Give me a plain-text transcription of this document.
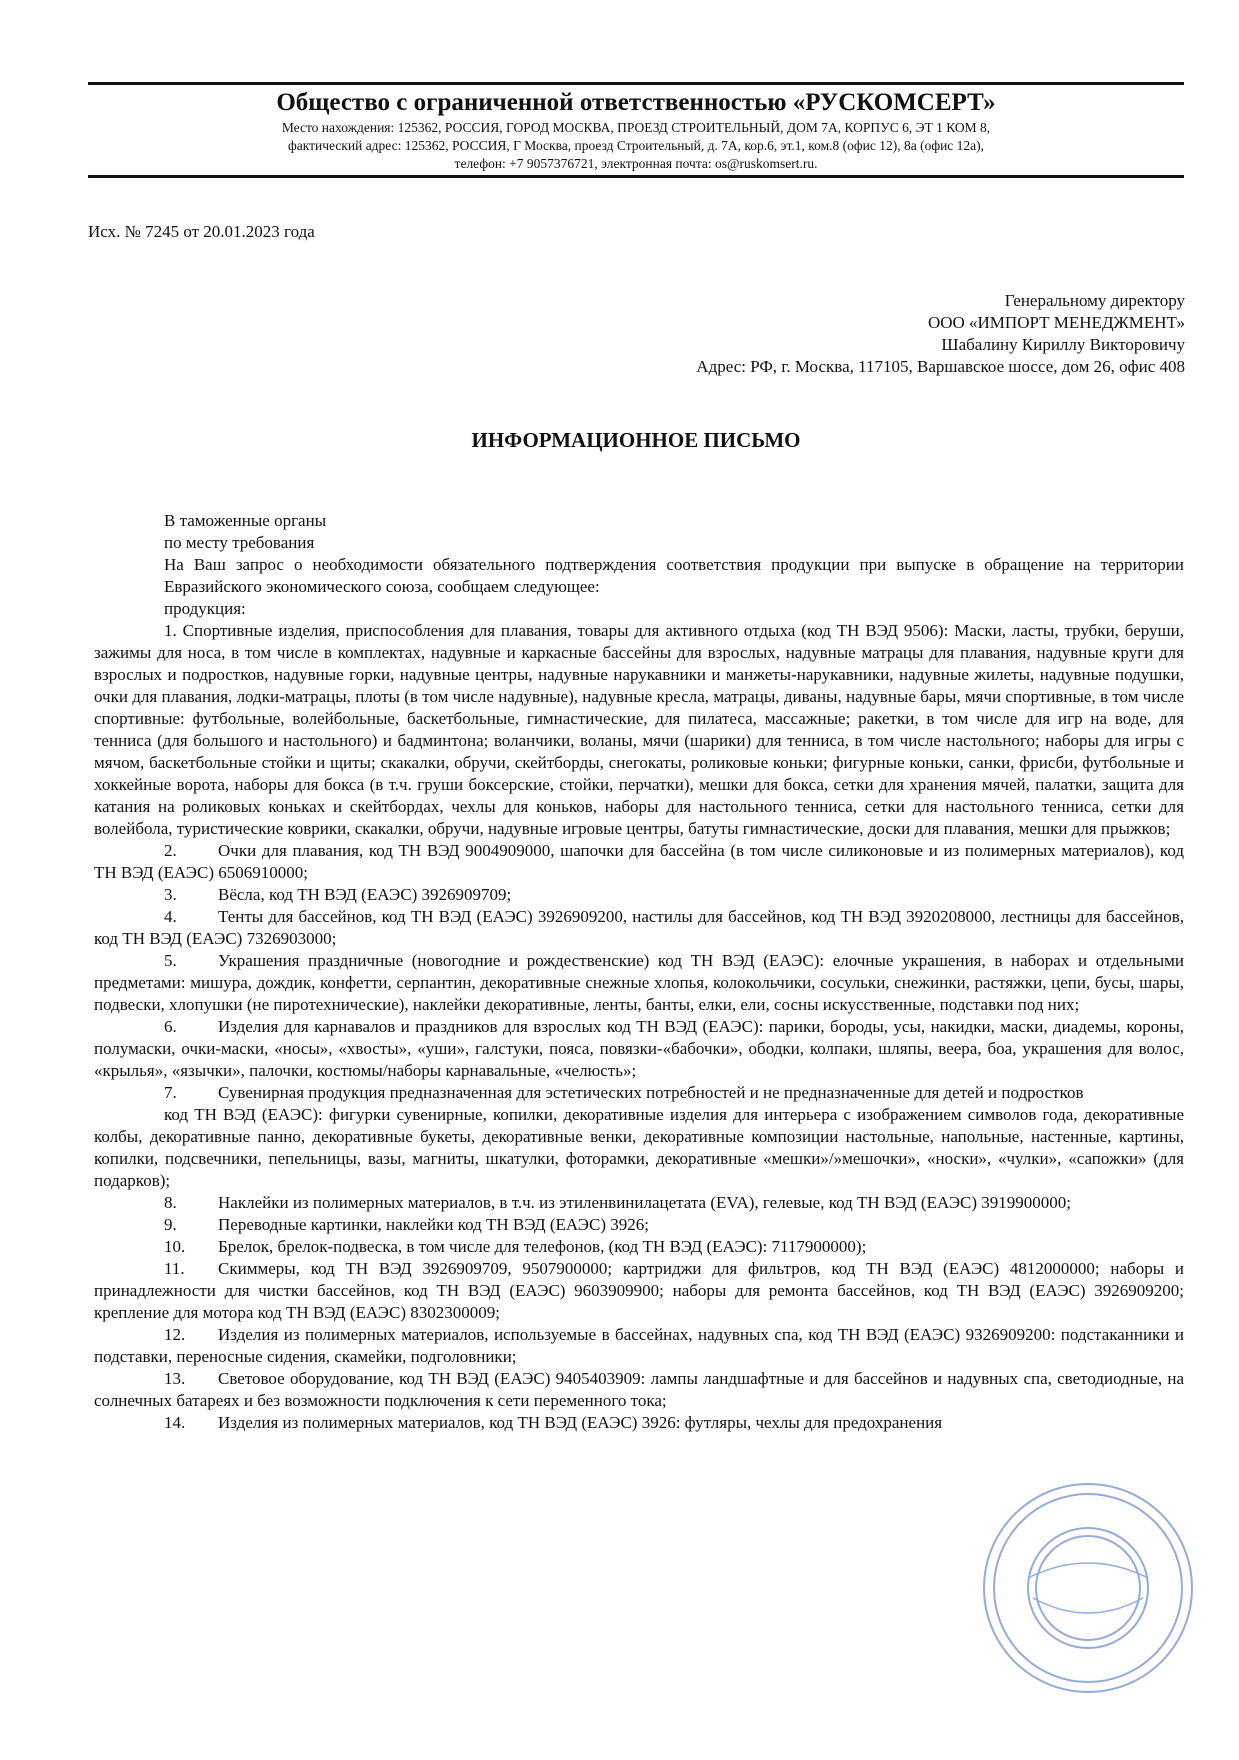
Общество с ограниченной ответственностью «РУСКОМСЕРТ»
Место нахождения: 125362, РОССИЯ, ГОРОД МОСКВА, ПРОЕЗД СТРОИТЕЛЬНЫЙ, ДОМ 7А, КОРПУС 6, ЭТ 1 КОМ 8,
фактический адрес: 125362, РОССИЯ, Г Москва, проезд Строительный, д. 7А, кор.6, эт.1, ком.8 (офис 12), 8а (офис 12а),
телефон: +7 9057376721, электронная почта: os@ruskomsert.ru.
Исх. № 7245 от 20.01.2023 года
Генеральному директору
ООО «ИМПОРТ МЕНЕДЖМЕНТ»
Шабалину Кириллу Викторовичу
Адрес: РФ, г. Москва, 117105, Варшавское шоссе, дом 26, офис 408
ИНФОРМАЦИОННОЕ ПИСЬМО

В таможенные органы

по месту требования

На Ваш запрос о необходимости обязательного подтверждения соответствия продукции при выпуске в обращение на территории Евразийского экономического союза, сообщаем следующее:

продукция:

1. Спортивные изделия, приспособления для плавания, товары для активного отдыха (код ТН ВЭД 9506): Маски, ласты, трубки, беруши, зажимы для носа, в том числе в комплектах, надувные и каркасные бассейны для взрослых, надувные матрацы для плавания, надувные круги для взрослых и подростков, надувные горки, надувные центры, надувные нарукавники и манжеты-нарукавники, надувные жилеты, надувные подушки, очки для плавания, лодки-матрацы, плоты (в том числе надувные), надувные кресла, матрацы, диваны, надувные бары, мячи спортивные, в том числе спортивные: футбольные, волейбольные, баскетбольные, гимнастические, для пилатеса, массажные; ракетки, в том числе для игр на воде, для тенниса (для большого и настольного) и бадминтона; воланчики, воланы, мячи (шарики) для тенниса, в том числе настольного; наборы для игры с мячом, баскетбольные стойки и щиты; скакалки, обручи, скейтборды, снегокаты, роликовые коньки; фигурные коньки, санки, фрисби, футбольные и хоккейные ворота, наборы для бокса (в т.ч. груши боксерские, стойки, перчатки), мешки для бокса, сетки для хранения мячей, палатки, защита для катания на роликовых коньках и скейтбордах, чехлы для коньков, наборы для настольного тенниса, сетки для настольного тенниса, сетки для волейбола, туристические коврики, скакалки, обручи, надувные игровые центры, батуты гимнастические, доски для плавания, мешки для прыжков;

2. Очки для плавания, код ТН ВЭД 9004909000, шапочки для бассейна (в том числе силиконовые и из полимерных материалов), код ТН ВЭД (ЕАЭС) 6506910000;

3. Вёсла, код ТН ВЭД (ЕАЭС) 3926909709;

4. Тенты для бассейнов, код ТН ВЭД (ЕАЭС) 3926909200, настилы для бассейнов, код ТН ВЭД 3920208000, лестницы для бассейнов, код ТН ВЭД (ЕАЭС) 7326903000;

5. Украшения праздничные (новогодние и рождественские) код ТН ВЭД (ЕАЭС): елочные украшения, в наборах и отдельными предметами: мишура, дождик, конфетти, серпантин, декоративные снежные хлопья, колокольчики, сосульки, снежинки, растяжки, цепи, бусы, шары, подвески, хлопушки (не пиротехнические), наклейки декоративные, ленты, банты, елки, ели, сосны искусственные, подставки под них;

6. Изделия для карнавалов и праздников для взрослых код ТН ВЭД (ЕАЭС): парики, бороды, усы, накидки, маски, диадемы, короны, полумаски, очки-маски, «носы», «хвосты», «уши», галстуки, пояса, повязки-«бабочки», ободки, колпаки, шляпы, веера, боа, украшения для волос, «крылья», «язычки», палочки, костюмы/наборы карнавальные, «челюсть»;

7. Сувенирная продукция предназначенная для эстетических потребностей и не предназначенные для детей и подростков

код ТН ВЭД (ЕАЭС): фигурки сувенирные, копилки, декоративные изделия для интерьера с изображением символов года, декоративные колбы, декоративные панно, декоративные букеты, декоративные венки, декоративные композиции настольные, напольные, настенные, картины, копилки, подсвечники, пепельницы, вазы, магниты, шкатулки, фоторамки, декоративные «мешки»/»мешочки», «носки», «чулки», «сапожки» (для подарков);

8. Наклейки из полимерных материалов, в т.ч. из этиленвинилацетата (EVA), гелевые, код ТН ВЭД (ЕАЭС) 3919900000;

9. Переводные картинки, наклейки код ТН ВЭД (ЕАЭС) 3926;

10. Брелок, брелок-подвеска, в том числе для телефонов, (код ТН ВЭД (ЕАЭС): 7117900000);

11. Скиммеры, код ТН ВЭД 3926909709, 9507900000; картриджи для фильтров, код ТН ВЭД (ЕАЭС) 4812000000; наборы и принадлежности для чистки бассейнов, код ТН ВЭД (ЕАЭС) 9603909900; наборы для ремонта бассейнов, код ТН ВЭД (ЕАЭС) 3926909200; крепление для мотора код ТН ВЭД (ЕАЭС) 8302300009;

12. Изделия из полимерных материалов, используемые в бассейнах, надувных спа, код ТН ВЭД (ЕАЭС) 9326909200: подстаканники и подставки, переносные сидения, скамейки, подголовники;

13. Световое оборудование, код ТН ВЭД (ЕАЭС) 9405403909: лампы ландшафтные и для бассейнов и надувных спа, светодиодные, на солнечных батареях и без возможности подключения к сети переменного тока;

14. Изделия из полимерных материалов, код ТН ВЭД (ЕАЭС) 3926: футляры, чехлы для предохранения
